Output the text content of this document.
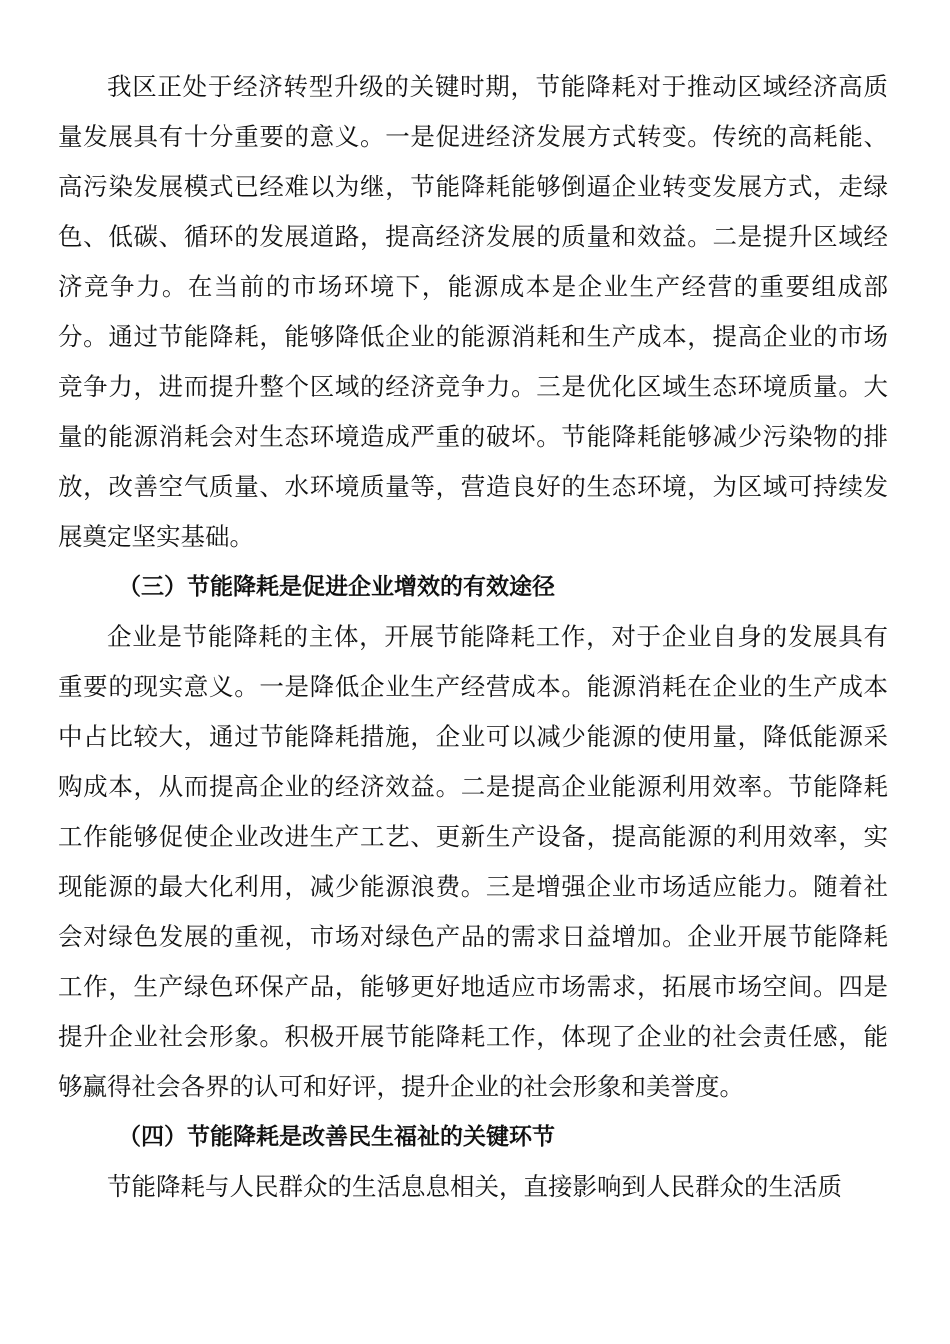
我区正处于经济转型升级的关键时期，节能降耗对于推动区域经济高质量发展具有十分重要的意义。一是促进经济发展方式转变。传统的高耗能、高污染发展模式已经难以为继，节能降耗能够倒逼企业转变发展方式，走绿色、低碳、循环的发展道路，提高经济发展的质量和效益。二是提升区域经济竞争力。在当前的市场环境下，能源成本是企业生产经营的重要组成部分。通过节能降耗，能够降低企业的能源消耗和生产成本，提高企业的市场竞争力，进而提升整个区域的经济竞争力。三是优化区域生态环境质量。大量的能源消耗会对生态环境造成严重的破坏。节能降耗能够减少污染物的排放，改善空气质量、水环境质量等，营造良好的生态环境，为区域可持续发展奠定坚实基础。

（三）节能降耗是促进企业增效的有效途径

企业是节能降耗的主体，开展节能降耗工作，对于企业自身的发展具有重要的现实意义。一是降低企业生产经营成本。能源消耗在企业的生产成本中占比较大，通过节能降耗措施，企业可以减少能源的使用量，降低能源采购成本，从而提高企业的经济效益。二是提高企业能源利用效率。节能降耗工作能够促使企业改进生产工艺、更新生产设备，提高能源的利用效率，实现能源的最大化利用，减少能源浪费。三是增强企业市场适应能力。随着社会对绿色发展的重视，市场对绿色产品的需求日益增加。企业开展节能降耗工作，生产绿色环保产品，能够更好地适应市场需求，拓展市场空间。四是提升企业社会形象。积极开展节能降耗工作，体现了企业的社会责任感，能够赢得社会各界的认可和好评，提升企业的社会形象和美誉度。

（四）节能降耗是改善民生福祉的关键环节

节能降耗与人民群众的生活息息相关，直接影响到人民群众的生活质
